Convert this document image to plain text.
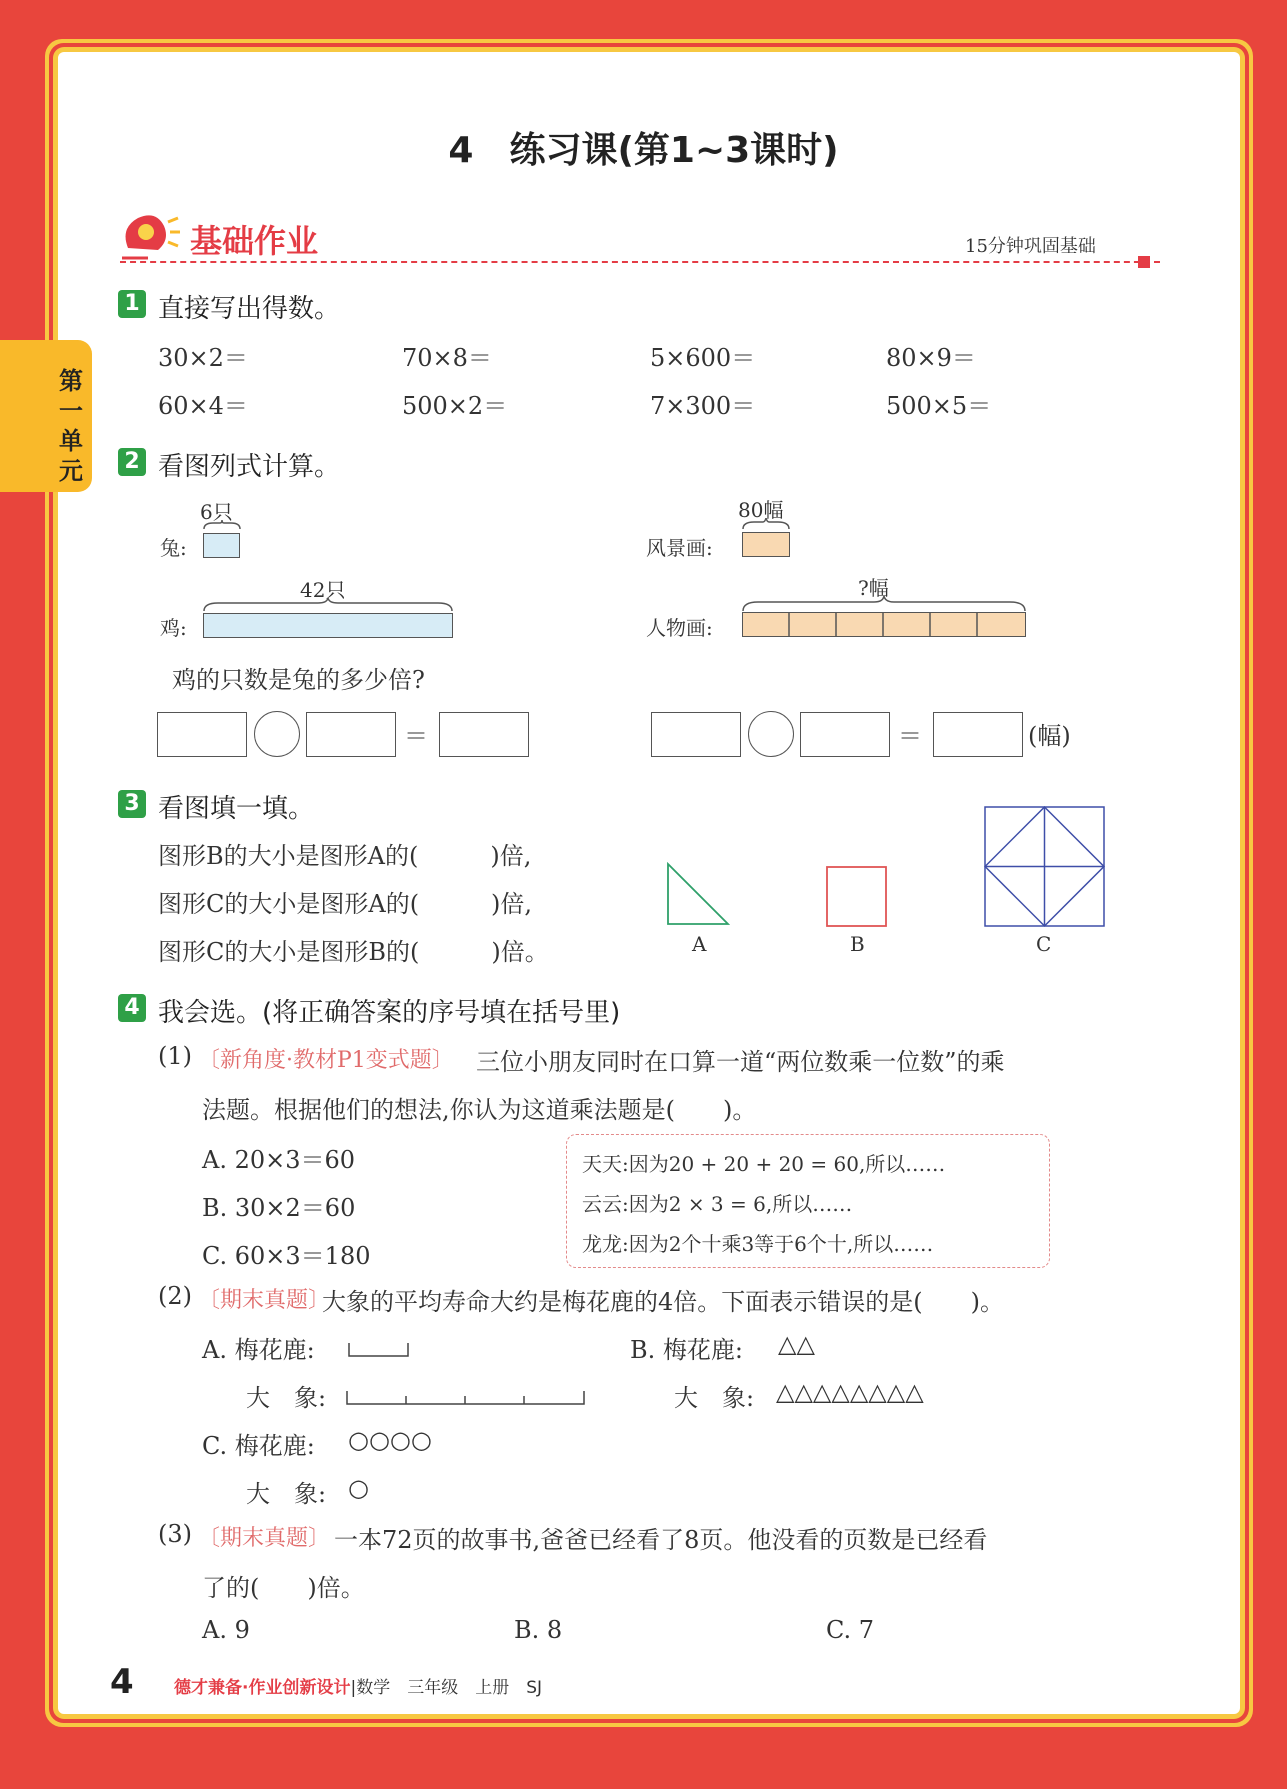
第一单元
4　练习课(第1~3课时)
基础作业	15分钟巩固基础
1 直接写出得数。
30×2＝	70×8＝	5×600＝	80×9＝
60×4＝	500×2＝	7×300＝	500×5＝
2 看图列式计算。
6只
兔:
42只
鸡:
鸡的只数是兔的多少倍?
＝
80幅
风景画:
?幅
人物画:
＝	(幅)
3 看图填一填。
图形B的大小是图形A的(　　　)倍,
图形C的大小是图形A的(　　　)倍,
图形C的大小是图形B的(　　　)倍。	A	B	C
4 我会选。(将正确答案的序号填在括号里)
(1) 〔新角度·教材P1变式题〕 三位小朋友同时在口算一道“两位数乘一位数”的乘
法题。根据他们的想法,你认为这道乘法题是(　　)。
A. 20×3＝60
B. 30×2＝60
C. 60×3＝180
天天:因为20 + 20 + 20 = 60,所以……
云云:因为2 × 3 = 6,所以……
龙龙:因为2个十乘3等于6个十,所以……
(2) 〔期末真题〕
大象的平均寿命大约是梅花鹿的4倍。下面表示错误的是(　　)。
A. 梅花鹿:
大　象:
B. 梅花鹿: △△
大　象: △△△△△△△△
C. 梅花鹿: ○○○○
大　象: ○
(3) 〔期末真题〕 一本72页的故事书,爸爸已经看了8页。他没看的页数是已经看
了的(　　)倍。
A. 9	B. 8	C. 7
4 德才兼备·作业创新设计|数学　三年级　上册　SJ
